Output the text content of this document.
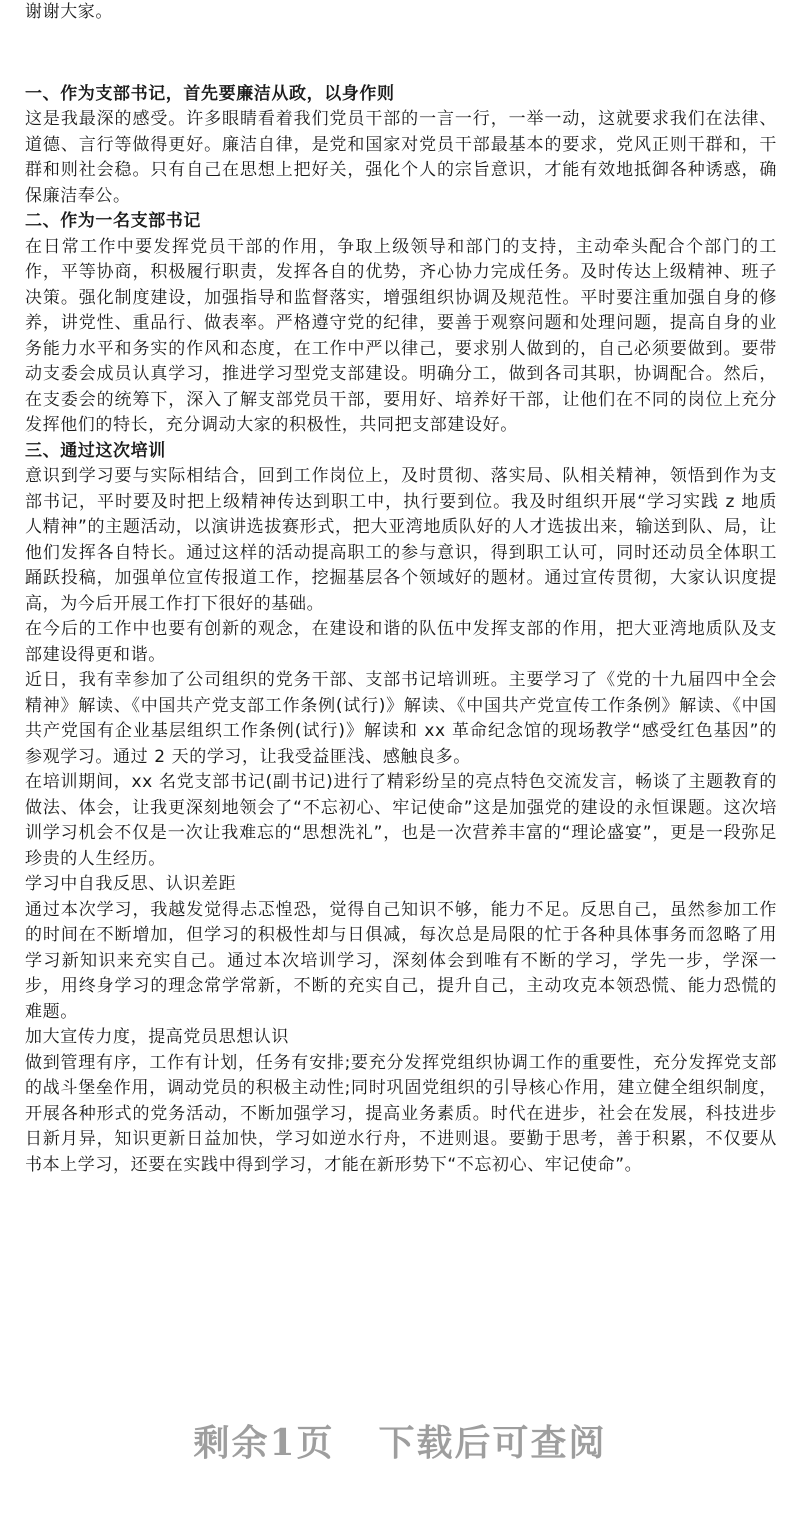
谢谢大家。

一、作为支部书记，首先要廉洁从政，以身作则

这是我最深的感受。许多眼睛看着我们党员干部的一言一行，一举一动，这就要求我们在法律、道德、言行等做得更好。廉洁自律，是党和国家对党员干部最基本的要求，党风正则干群和，干群和则社会稳。只有自己在思想上把好关，强化个人的宗旨意识，才能有效地抵御各种诱惑，确保廉洁奉公。

二、作为一名支部书记

在日常工作中要发挥党员干部的作用，争取上级领导和部门的支持，主动牵头配合个部门的工作，平等协商，积极履行职责，发挥各自的优势，齐心协力完成任务。及时传达上级精神、班子决策。强化制度建设，加强指导和监督落实，增强组织协调及规范性。平时要注重加强自身的修养，讲党性、重品行、做表率。严格遵守党的纪律，要善于观察问题和处理问题，提高自身的业务能力水平和务实的作风和态度，在工作中严以律己，要求别人做到的，自己必须要做到。要带动支委会成员认真学习，推进学习型党支部建设。明确分工，做到各司其职，协调配合。然后，在支委会的统筹下，深入了解支部党员干部，要用好、培养好干部，让他们在不同的岗位上充分发挥他们的特长，充分调动大家的积极性，共同把支部建设好。

三、通过这次培训

意识到学习要与实际相结合，回到工作岗位上，及时贯彻、落实局、队相关精神，领悟到作为支部书记，平时要及时把上级精神传达到职工中，执行要到位。我及时组织开展“学习实践 z 地质人精神”的主题活动，以演讲选拔赛形式，把大亚湾地质队好的人才选拔出来，输送到队、局，让他们发挥各自特长。通过这样的活动提高职工的参与意识，得到职工认可，同时还动员全体职工踊跃投稿，加强单位宣传报道工作，挖掘基层各个领域好的题材。通过宣传贯彻，大家认识度提高，为今后开展工作打下很好的基础。

在今后的工作中也要有创新的观念，在建设和谐的队伍中发挥支部的作用，把大亚湾地质队及支部建设得更和谐。

近日，我有幸参加了公司组织的党务干部、支部书记培训班。主要学习了《党的十九届四中全会精神》解读、《中国共产党支部工作条例(试行)》解读、《中国共产党宣传工作条例》解读、《中国共产党国有企业基层组织工作条例(试行)》解读和 xx 革命纪念馆的现场教学“感受红色基因”的参观学习。通过 2 天的学习，让我受益匪浅、感触良多。

在培训期间，xx 名党支部书记(副书记)进行了精彩纷呈的亮点特色交流发言，畅谈了主题教育的做法、体会，让我更深刻地领会了“不忘初心、牢记使命”这是加强党的建设的永恒课题。这次培训学习机会不仅是一次让我难忘的“思想洗礼”，也是一次营养丰富的“理论盛宴”，更是一段弥足珍贵的人生经历。

学习中自我反思、认识差距

通过本次学习，我越发觉得忐忑惶恐，觉得自己知识不够，能力不足。反思自己，虽然参加工作的时间在不断增加，但学习的积极性却与日俱减，每次总是局限的忙于各种具体事务而忽略了用学习新知识来充实自己。通过本次培训学习，深刻体会到唯有不断的学习，学先一步，学深一步，用终身学习的理念常学常新，不断的充实自己，提升自己，主动攻克本领恐慌、能力恐慌的难题。

加大宣传力度，提高党员思想认识

做到管理有序，工作有计划，任务有安排;要充分发挥党组织协调工作的重要性，充分发挥党支部的战斗堡垒作用，调动党员的积极主动性;同时巩固党组织的引导核心作用，建立健全组织制度，开展各种形式的党务活动，不断加强学习，提高业务素质。时代在进步，社会在发展，科技进步日新月异，知识更新日益加快，学习如逆水行舟，不进则退。要勤于思考，善于积累，不仅要从书本上学习，还要在实践中得到学习，才能在新形势下“不忘初心、牢记使命”。

剩余1页 下载后可查阅
